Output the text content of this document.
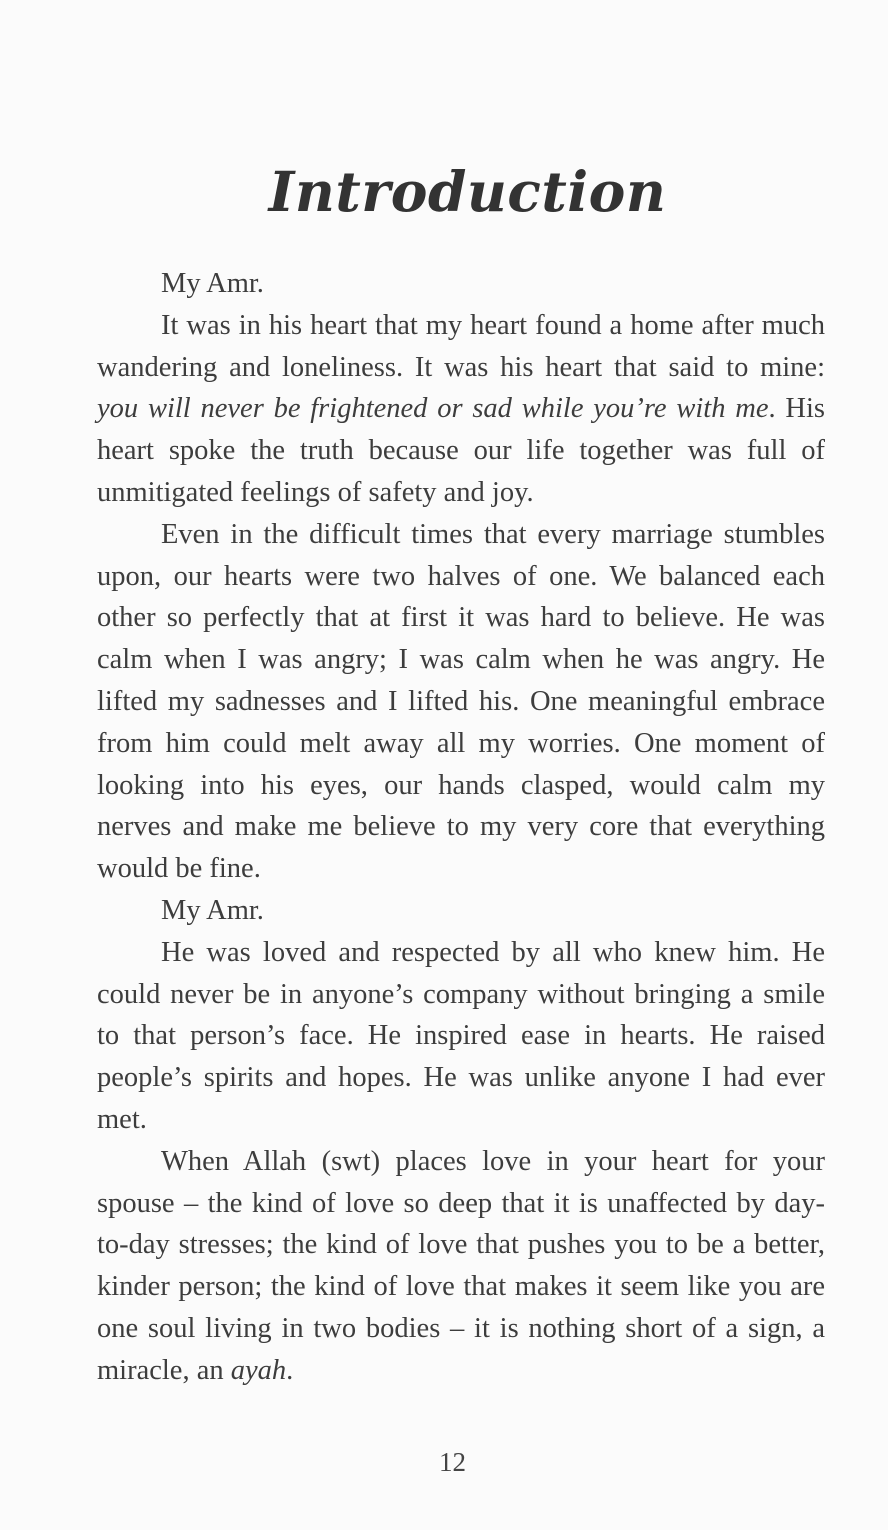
Introduction

My Amr.

It was in his heart that my heart found a home after much wandering and loneliness. It was his heart that said to mine: you will never be frightened or sad while you’re with me. His heart spoke the truth because our life together was full of unmitigated feelings of safety and joy.

Even in the difficult times that every marriage stumbles upon, our hearts were two halves of one. We balanced each other so perfectly that at first it was hard to believe. He was calm when I was angry; I was calm when he was angry. He lifted my sadnesses and I lifted his. One meaningful embrace from him could melt away all my worries. One moment of looking into his eyes, our hands clasped, would calm my nerves and make me believe to my very core that everything would be fine.

My Amr.

He was loved and respected by all who knew him. He could never be in anyone’s company without bringing a smile to that person’s face. He inspired ease in hearts. He raised people’s spirits and hopes. He was unlike anyone I had ever met.

When Allah (swt) places love in your heart for your spouse – the kind of love so deep that it is unaffected by day-to-day stresses; the kind of love that pushes you to be a better, kinder person; the kind of love that makes it seem like you are one soul living in two bodies – it is nothing short of a sign, a miracle, an ayah.

12
